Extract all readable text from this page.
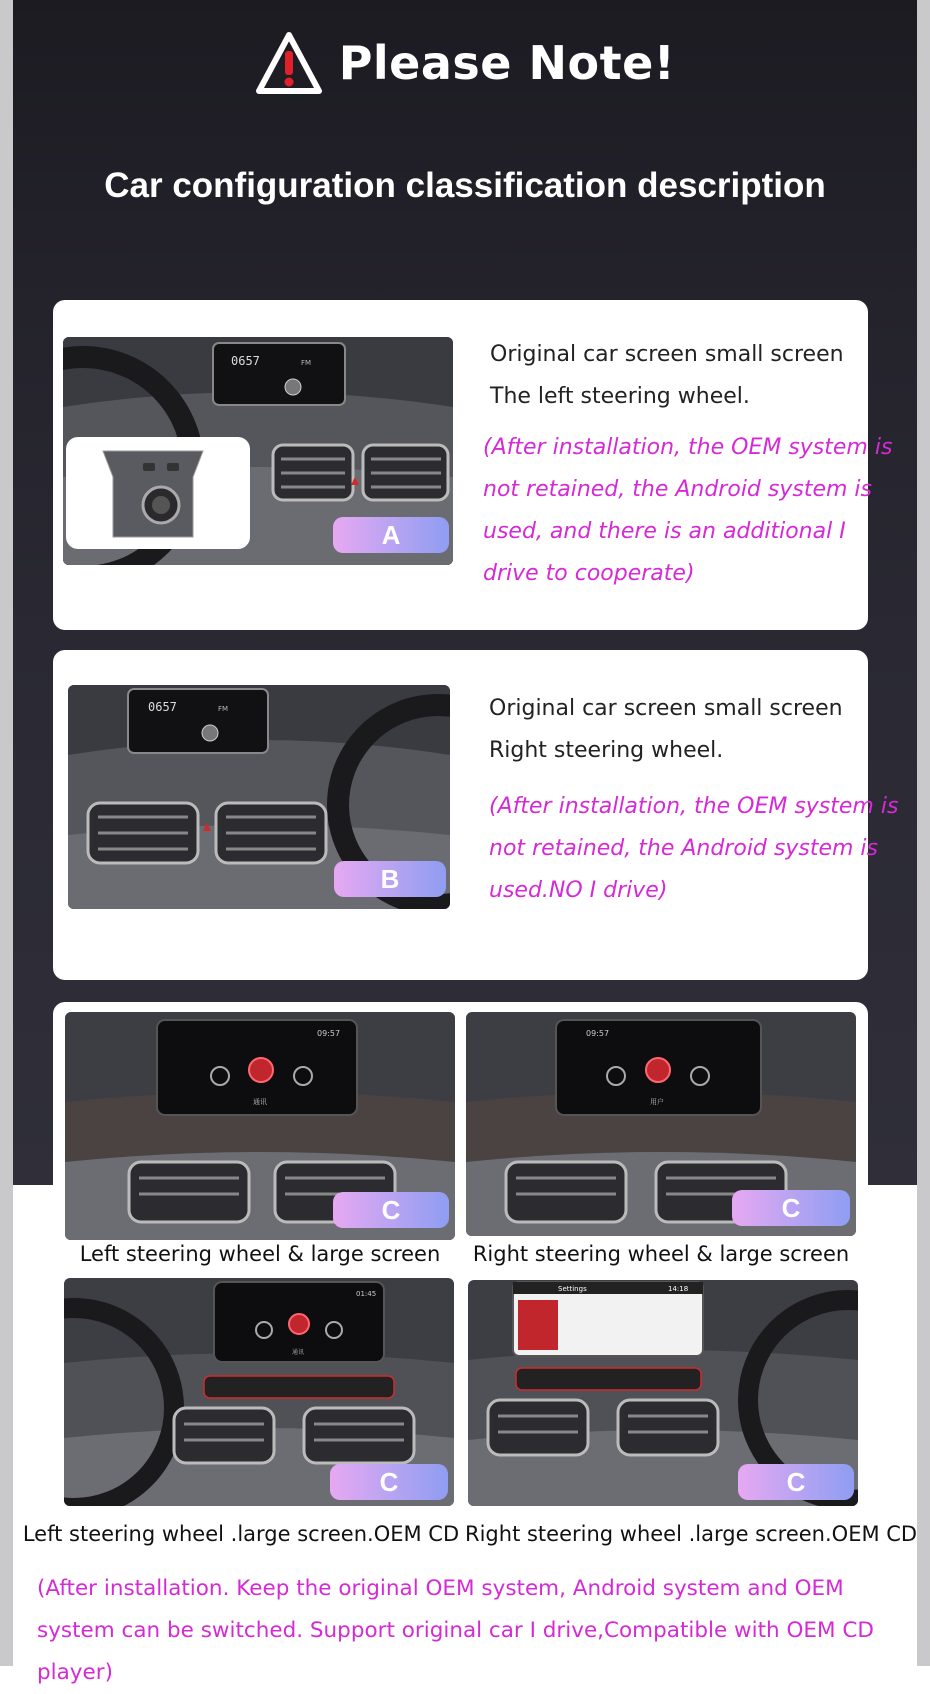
Please Note!
Car configuration classification description
0657	FM
A
Original car screen small screen
The left steering wheel.
(After installation, the OEM system is
not retained, the Android system is
used, and there is an additional I
drive to cooperate)
0657	FM
B
Original car screen small screen
Right steering wheel.
(After installation, the OEM system is
not retained, the Android system is
used.NO I drive)
09:57
通讯
C
Left steering wheel & large screen
09:57
用户
C
Right steering wheel & large screen
01:45
通讯
C
Left steering wheel .large screen.OEM CD
Settings	14:18
C
Right steering wheel .large screen.OEM CD
(After installation. Keep the original OEM system, Android system and OEM system can be switched. Support original car I drive,Compatible with OEM CD player)
